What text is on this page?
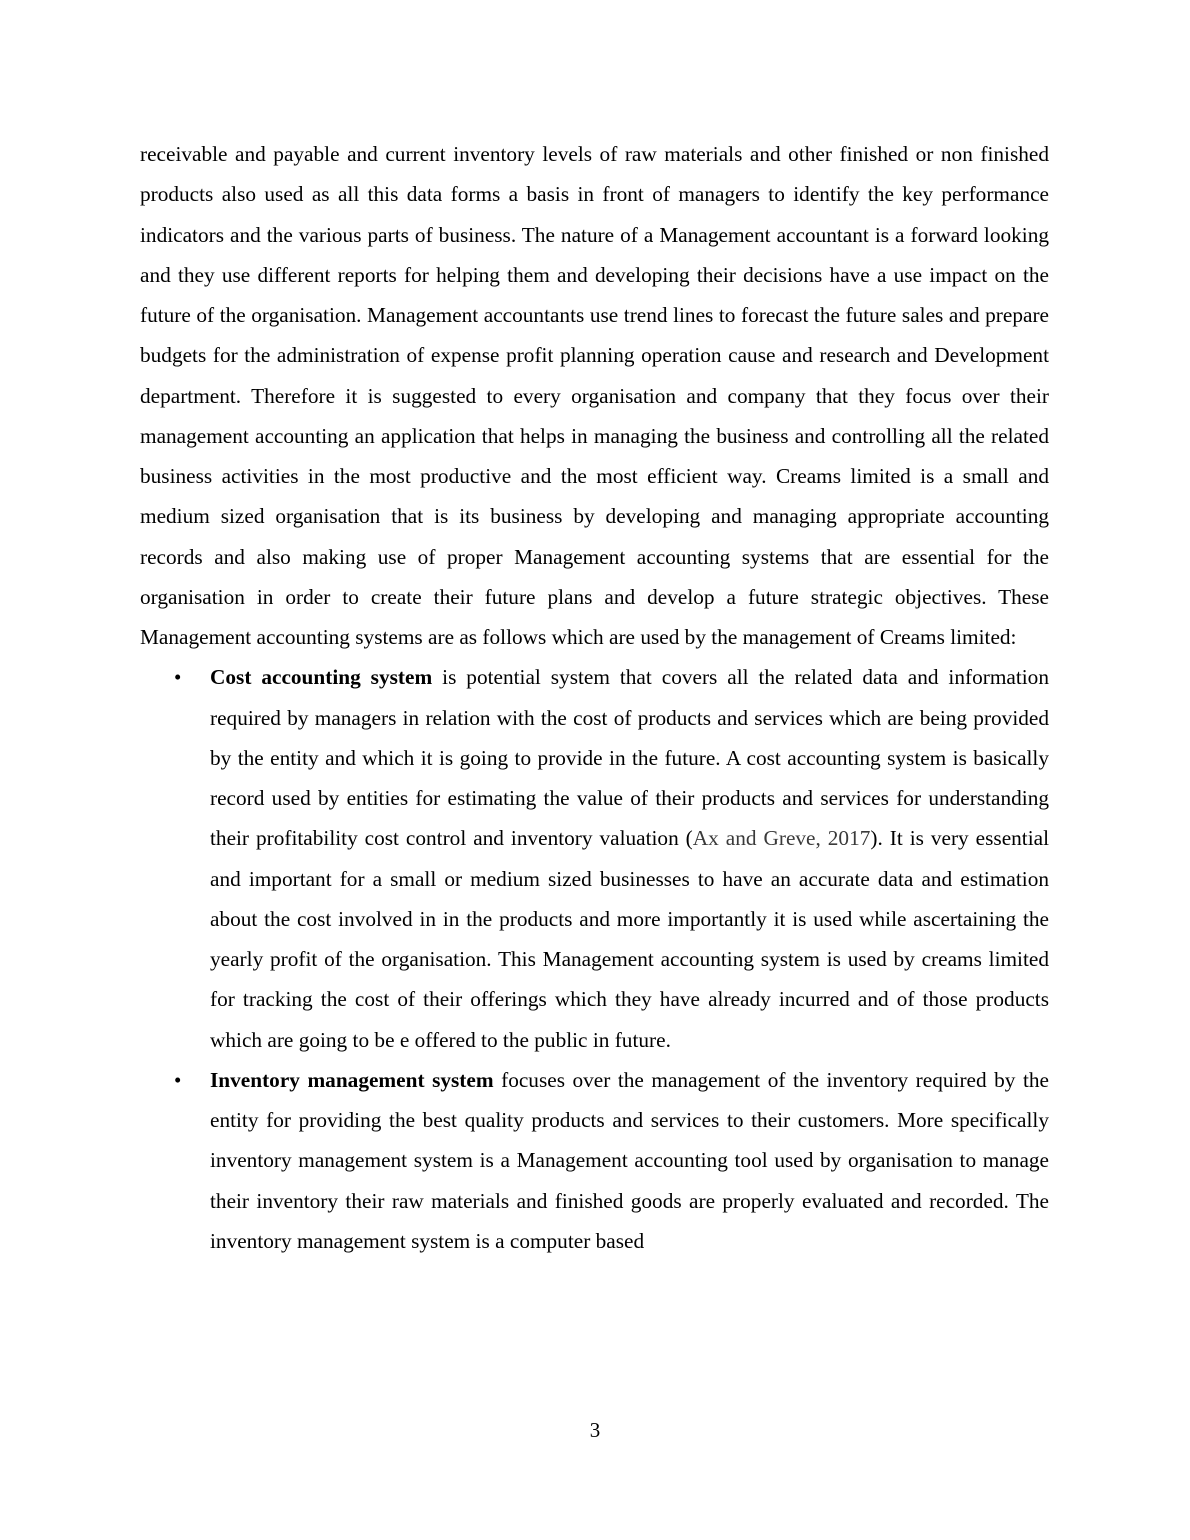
receivable and payable and current inventory levels of raw materials and other finished or non finished products also used as all this data forms a basis in front of managers to identify the key performance indicators and the various parts of business. The nature of a Management accountant is a forward looking and they use different reports for helping them and developing their decisions have a use impact on the future of the organisation. Management accountants use trend lines to forecast the future sales and prepare budgets for the administration of expense profit planning operation cause and research and Development department. Therefore it is suggested to every organisation and company that they focus over their management accounting an application that helps in managing the business and controlling all the related business activities in the most productive and the most efficient way. Creams limited is a small and medium sized organisation that is its business by developing and managing appropriate accounting records and also making use of proper Management accounting systems that are essential for the organisation in order to create their future plans and develop a future strategic objectives. These Management accounting systems are as follows which are used by the management of Creams limited:

• Cost accounting system is potential system that covers all the related data and information required by managers in relation with the cost of products and services which are being provided by the entity and which it is going to provide in the future. A cost accounting system is basically record used by entities for estimating the value of their products and services for understanding their profitability cost control and inventory valuation (Ax and Greve, 2017). It is very essential and important for a small or medium sized businesses to have an accurate data and estimation about the cost involved in in the products and more importantly it is used while ascertaining the yearly profit of the organisation. This Management accounting system is used by creams limited for tracking the cost of their offerings which they have already incurred and of those products which are going to be e offered to the public in future.
• Inventory management system focuses over the management of the inventory required by the entity for providing the best quality products and services to their customers. More specifically inventory management system is a Management accounting tool used by organisation to manage their inventory their raw materials and finished goods are properly evaluated and recorded. The inventory management system is a computer based
3
